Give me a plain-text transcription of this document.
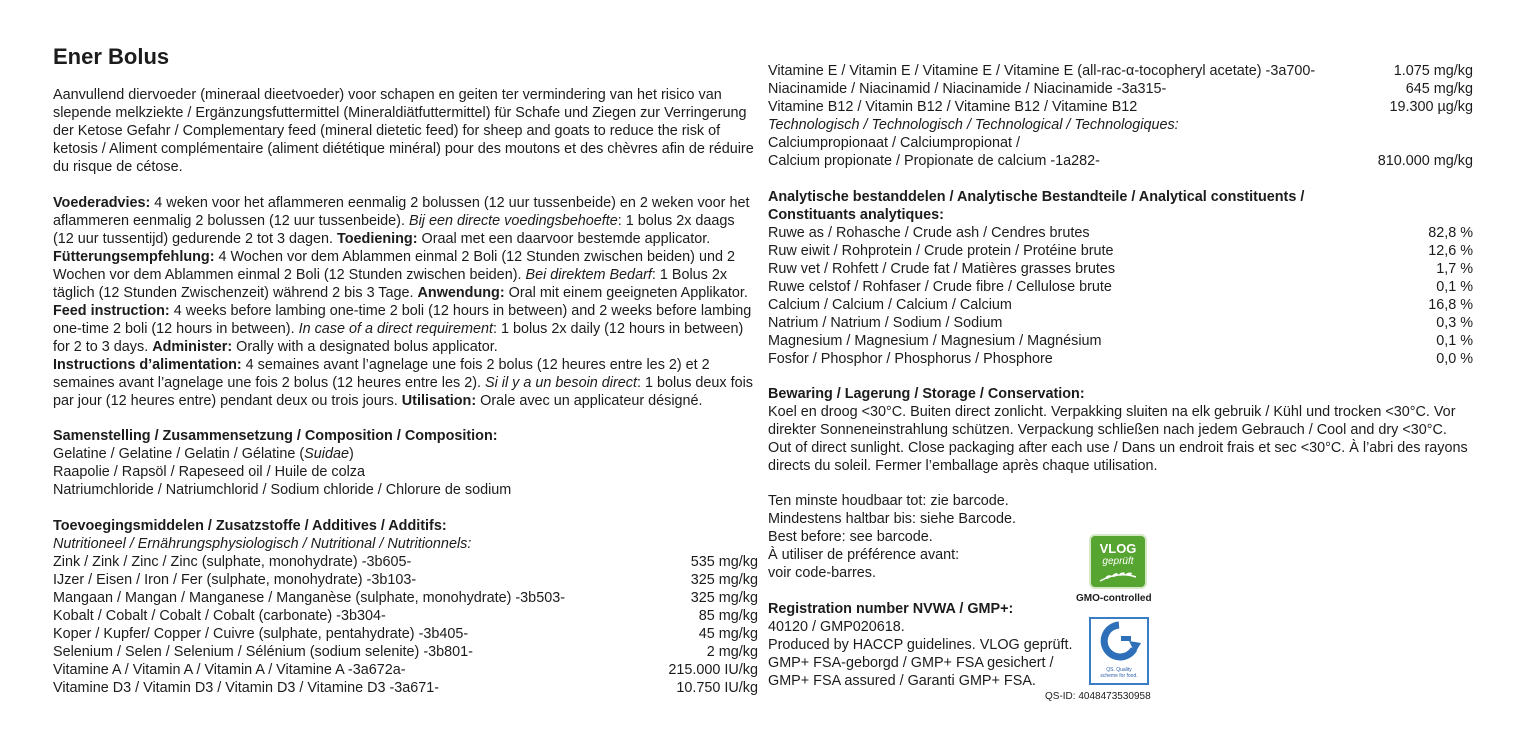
Ener Bolus

Aanvullend diervoeder (mineraal dieetvoeder) voor schapen en geiten ter vermindering van het risico van slepende melkziekte / Ergänzungsfuttermittel (Mineraldiätfuttermittel) für Schafe und Ziegen zur Verringerung der Ketose Gefahr / Complementary feed (mineral dietetic feed) for sheep and goats to reduce the risk of ketosis / Aliment complémentaire (aliment diététique minéral) pour des moutons et des chèvres afin de réduire du risque de cétose.

Voederadvies: 4 weken voor het aflammeren eenmalig 2 bolussen (12 uur tussenbeide) en 2 weken voor het aflammeren eenmalig 2 bolussen (12 uur tussenbeide). Bij een directe voedingsbehoefte: 1 bolus 2x daags (12 uur tussentijd) gedurende 2 tot 3 dagen. Toediening: Oraal met een daarvoor bestemde applicator.
Fütterungsempfehlung: 4 Wochen vor dem Ablammen einmal 2 Boli (12 Stunden zwischen beiden) und 2 Wochen vor dem Ablammen einmal 2 Boli (12 Stunden zwischen beiden). Bei direktem Bedarf: 1 Bolus 2x täglich (12 Stunden Zwischenzeit) während 2 bis 3 Tage. Anwendung: Oral mit einem geeigneten Applikator.
Feed instruction: 4 weeks before lambing one-time 2 boli (12 hours in between) and 2 weeks before lambing one-time 2 boli (12 hours in between). In case of a direct requirement: 1 bolus 2x daily (12 hours in between) for 2 to 3 days. Administer: Orally with a designated bolus applicator.
Instructions d’alimentation: 4 semaines avant l’agnelage une fois 2 bolus (12 heures entre les 2) et 2 semaines avant l’agnelage une fois 2 bolus (12 heures entre les 2). Si il y a un besoin direct: 1 bolus deux fois par jour (12 heures entre) pendant deux ou trois jours. Utilisation: Orale avec un applicateur désigné.

Samenstelling / Zusammensetzung / Composition / Composition:

Gelatine / Gelatine / Gelatin / Gélatine (Suidae)

Raapolie / Rapsöl / Rapeseed oil / Huile de colza

Natriumchloride / Natriumchlorid / Sodium chloride / Chlorure de sodium

Toevoegingsmiddelen / Zusatzstoffe / Additives / Additifs:

Nutritioneel / Ernährungsphysiologisch / Nutritional / Nutritionnels:

Zink / Zink / Zinc / Zinc (sulphate, monohydrate) -3b605-	535 mg/kg
IJzer / Eisen / Iron / Fer (sulphate, monohydrate) -3b103-	325 mg/kg
Mangaan / Mangan / Manganese / Manganèse (sulphate, monohydrate) -3b503-	325 mg/kg
Kobalt / Cobalt / Cobalt / Cobalt (carbonate) -3b304-	85 mg/kg
Koper / Kupfer/ Copper / Cuivre (sulphate, pentahydrate) -3b405-	45 mg/kg
Selenium / Selen / Selenium / Sélénium (sodium selenite) -3b801-	2 mg/kg
Vitamine A / Vitamin A / Vitamin A / Vitamine A -3a672a-	215.000 IU/kg
Vitamine D3 / Vitamin D3 / Vitamin D3 / Vitamine D3 -3a671-	10.750 IU/kg
Vitamine E / Vitamin E / Vitamine E / Vitamine E (all-rac-α-tocopheryl acetate) -3a700-	1.075 mg/kg
Niacinamide / Niacinamid / Niacinamide / Niacinamide -3a315-	645 mg/kg
Vitamine B12 / Vitamin B12 / Vitamine B12 / Vitamine B12	19.300 µg/kg

Technologisch / Technologisch / Technological / Technologiques:

Calciumpropionaat / Calciumpropionat /

Calcium propionate / Propionate de calcium -1a282-	810.000 mg/kg

Analytische bestanddelen / Analytische Bestandteile / Analytical constituents /

Constituants analytiques:

Ruwe as / Rohasche / Crude ash / Cendres brutes	82,8 %
Ruw eiwit / Rohprotein / Crude protein / Protéine brute	12,6 %
Ruw vet / Rohfett / Crude fat / Matières grasses brutes	1,7 %
Ruwe celstof / Rohfaser / Crude fibre / Cellulose brute	0,1 %
Calcium / Calcium / Calcium / Calcium	16,8 %
Natrium / Natrium / Sodium / Sodium	0,3 %
Magnesium / Magnesium / Magnesium / Magnésium	0,1 %
Fosfor / Phosphor / Phosphorus / Phosphore	0,0 %

Bewaring / Lagerung / Storage / Conservation:

Koel en droog <30°C. Buiten direct zonlicht. Verpakking sluiten na elk gebruik / Kühl und trocken <30°C. Vor direkter Sonneneinstrahlung schützen. Verpackung schließen nach jedem Gebrauch / Cool and dry <30°C. Out of direct sunlight. Close packaging after each use / Dans un endroit frais et sec <30°C. À l’abri des rayons directs du soleil. Fermer l’emballage après chaque utilisation.

Ten minste houdbaar tot: zie barcode.

Mindestens haltbar bis: siehe Barcode.

Best before: see barcode.

À utiliser de préférence avant:

voir code-barres.

Registration number NVWA / GMP+:

40120 / GMP020618.

Produced by HACCP guidelines. VLOG geprüft.

GMP+ FSA-geborgd / GMP+ FSA gesichert /

GMP+ FSA assured / Garanti GMP+ FSA.

VLOG
geprüft
GMO-controlled
QS. Quality
scheme for food.
QS-ID: 4048473530958
